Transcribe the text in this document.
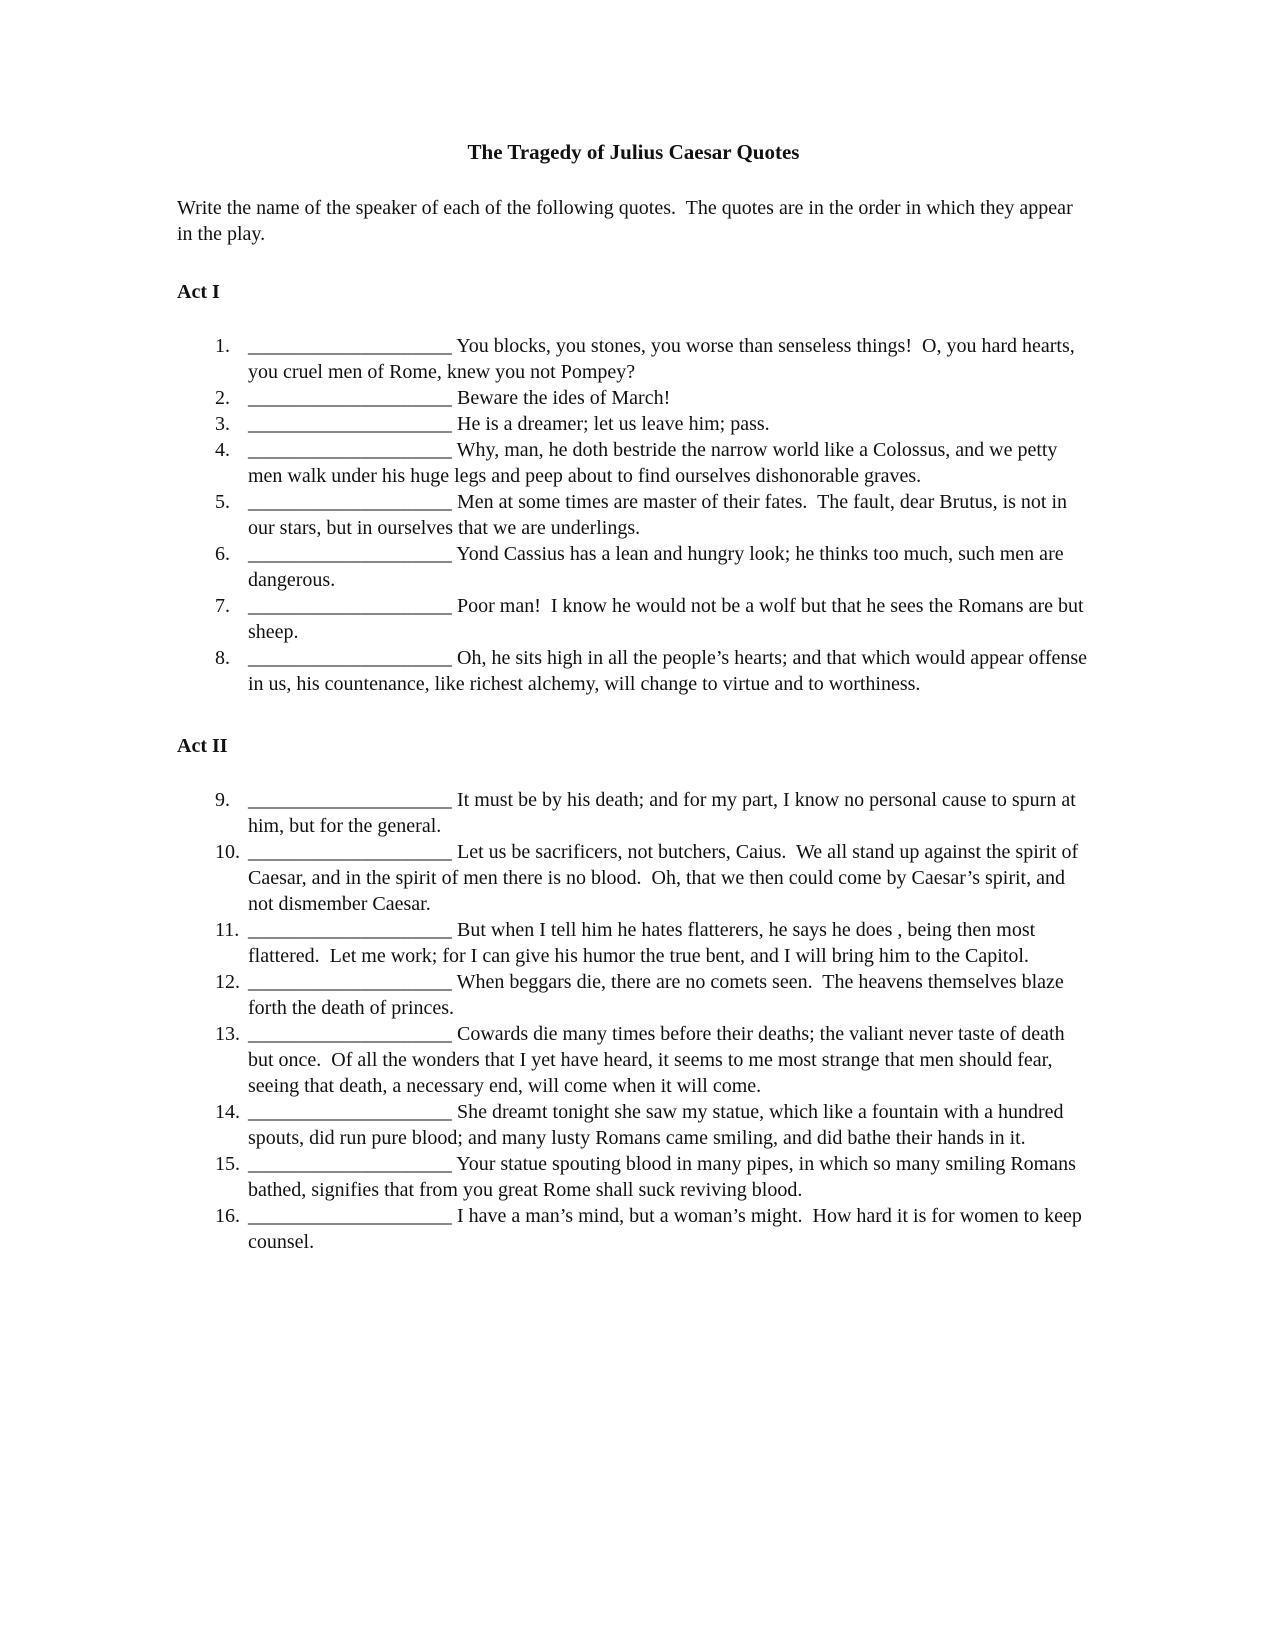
The Tragedy of Julius Caesar Quotes

Write the name of the speaker of each of the following quotes.  The quotes are in the order in which they appear in the play.

Act I
1. ____________________ You blocks, you stones, you worse than senseless things!  O, you hard hearts, you cruel men of Rome, knew you not Pompey?
2. ____________________ Beware the ides of March!
3. ____________________ He is a dreamer; let us leave him; pass.
4. ____________________ Why, man, he doth bestride the narrow world like a Colossus, and we petty men walk under his huge legs and peep about to find ourselves dishonorable graves.
5. ____________________ Men at some times are master of their fates.  The fault, dear Brutus, is not in our stars, but in ourselves that we are underlings.
6. ____________________ Yond Cassius has a lean and hungry look; he thinks too much, such men are dangerous.
7. ____________________ Poor man!  I know he would not be a wolf but that he sees the Romans are but sheep.
8. ____________________ Oh, he sits high in all the people’s hearts; and that which would appear offense in us, his countenance, like richest alchemy, will change to virtue and to worthiness.
Act II
9. ____________________ It must be by his death; and for my part, I know no personal cause to spurn at him, but for the general.
10. ____________________ Let us be sacrificers, not butchers, Caius.  We all stand up against the spirit of Caesar, and in the spirit of men there is no blood.  Oh, that we then could come by Caesar’s spirit, and not dismember Caesar.
11. ____________________ But when I tell him he hates flatterers, he says he does , being then most flattered.  Let me work; for I can give his humor the true bent, and I will bring him to the Capitol.
12. ____________________ When beggars die, there are no comets seen.  The heavens themselves blaze forth the death of princes.
13. ____________________ Cowards die many times before their deaths; the valiant never taste of death but once.  Of all the wonders that I yet have heard, it seems to me most strange that men should fear, seeing that death, a necessary end, will come when it will come.
14. ____________________ She dreamt tonight she saw my statue, which like a fountain with a hundred spouts, did run pure blood; and many lusty Romans came smiling, and did bathe their hands in it.
15. ____________________ Your statue spouting blood in many pipes, in which so many smiling Romans bathed, signifies that from you great Rome shall suck reviving blood.
16. ____________________ I have a man’s mind, but a woman’s might.  How hard it is for women to keep counsel.
